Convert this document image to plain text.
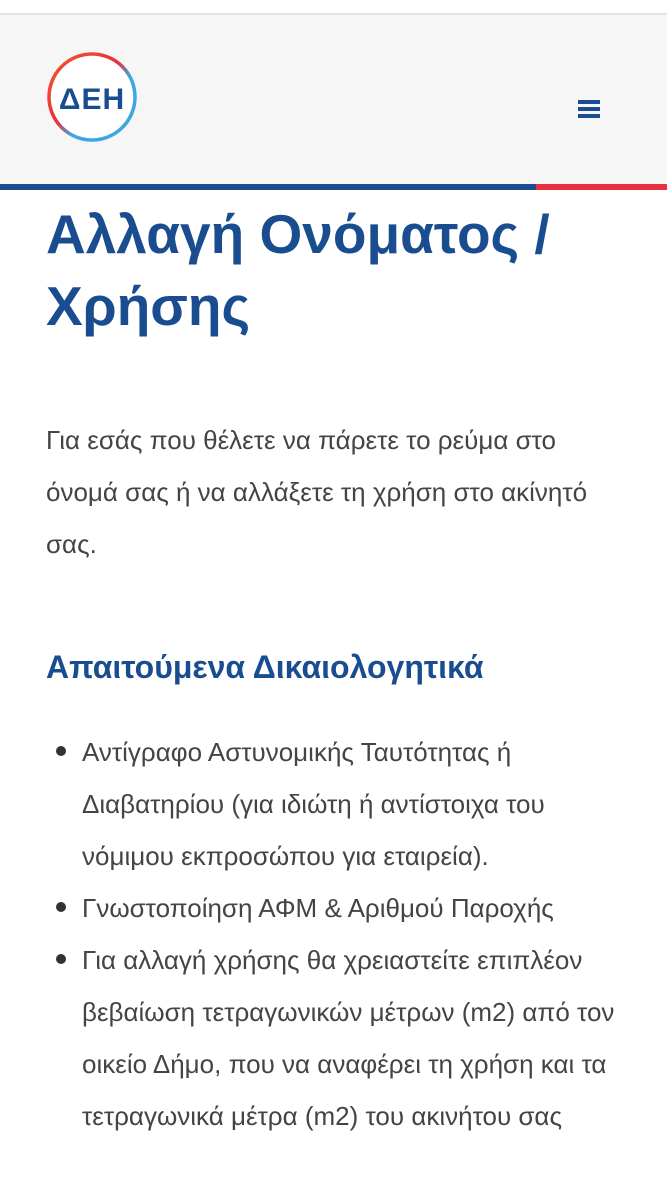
ΔΕΗ
Αλλαγή Ονόματος / Χρήσης

Για εσάς που θέλετε να πάρετε το ρεύμα στο όνομά σας ή να αλλάξετε τη χρήση στο ακίνητό σας.

Απαιτούμενα Δικαιολογητικά
Αντίγραφο Αστυνομικής Ταυτότητας ή Διαβατηρίου (για ιδιώτη ή αντίστοιχα του νόμιμου εκπροσώπου για εταιρεία).
Γνωστοποίηση ΑΦΜ & Αριθμού Παροχής
Για αλλαγή χρήσης θα χρειαστείτε επιπλέον βεβαίωση τετραγωνικών μέτρων (m2) από τον οικείο Δήμο, που να αναφέρει τη χρήση και τα τετραγωνικά μέτρα (m2) του ακινήτου σας
